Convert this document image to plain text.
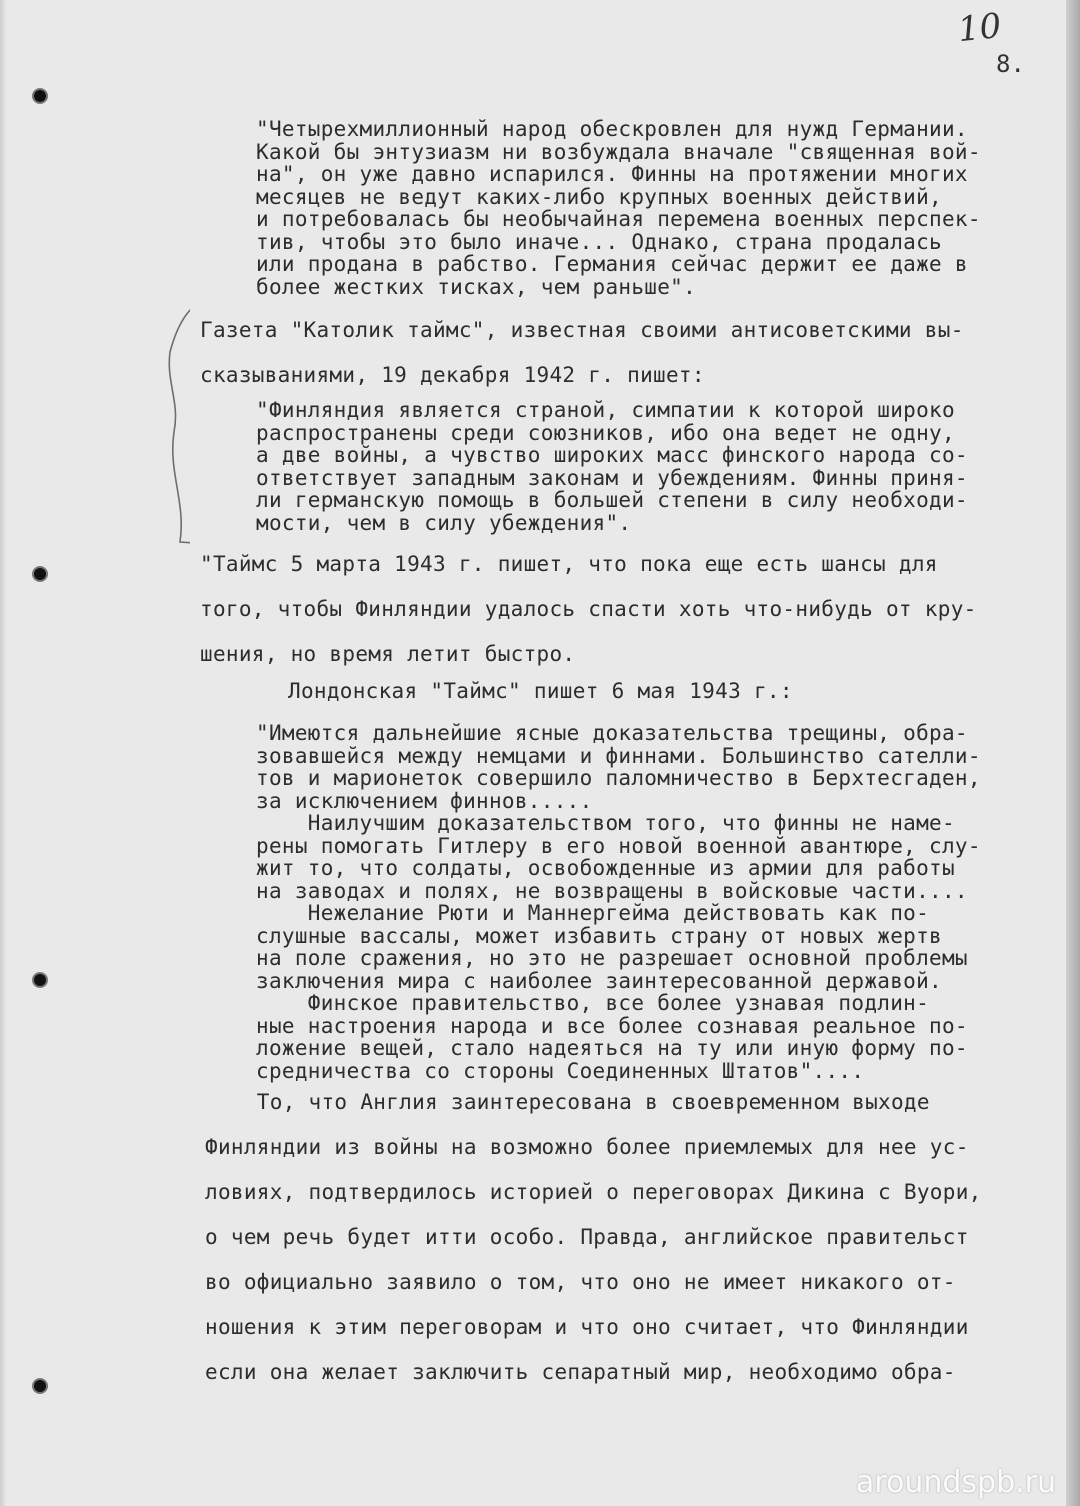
10
8.
"Четырехмиллионный народ обескровлен для нужд Германии.
Какой бы энтузиазм ни возбуждала вначале "священная вой-
на", он уже давно испарился. Финны на протяжении многих
месяцев не ведут каких-либо крупных военных действий,
и потребовалась бы необычайная перемена военных перспек-
тив, чтобы это было иначе... Однако, страна продалась
или продана в рабство. Германия сейчас держит ее даже в
более жестких тисках, чем раньше".
Газета "Католик таймс", известная своими антисоветскими вы-
сказываниями, 19 декабря 1942 г. пишет:
"Финляндия является страной, симпатии к которой широко
распространены среди союзников, ибо она ведет не одну,
а две войны, а чувство широких масс финского народа со-
ответствует западным законам и убеждениям. Финны приня-
ли германскую помощь в большей степени в силу необходи-
мости, чем в силу убеждения".
"Таймс 5 марта 1943 г. пишет, что пока еще есть шансы для
того, чтобы Финляндии удалось спасти хоть что-нибудь от кру-
шения, но время летит быстро.
Лондонская "Таймс" пишет 6 мая 1943 г.:
"Имеются дальнейшие ясные доказательства трещины, обра-
зовавшейся между немцами и финнами. Большинство сателли-
тов и марионеток совершило паломничество в Берхтесгаден,
за исключением финнов.....
Наилучшим доказательством того, что финны не наме-
рены помогать Гитлеру в его новой военной авантюре, слу-
жит то, что солдаты, освобожденные из армии для работы
на заводах и полях, не возвращены в войсковые части....
Нежелание Рюти и Маннергейма действовать как по-
слушные вассалы, может избавить страну от новых жертв
на поле сражения, но это не разрешает основной проблемы
заключения мира с наиболее заинтересованной державой.
Финское правительство, все более узнавая подлин-
ные настроения народа и все более сознавая реальное по-
ложение вещей, стало надеяться на ту или иную форму по-
средничества со стороны Соединенных Штатов"....
То, что Англия заинтересована в своевременном выходе
Финляндии из войны на возможно более приемлемых для нее ус-
ловиях, подтвердилось историей о переговорах Дикина с Вуори,
о чем речь будет итти особо. Правда, английское правительст
во официально заявило о том, что оно не имеет никакого от-
ношения к этим переговорам и что оно считает, что Финляндии
если она желает заключить сепаратный мир, необходимо обра-
aroundspb.ru
